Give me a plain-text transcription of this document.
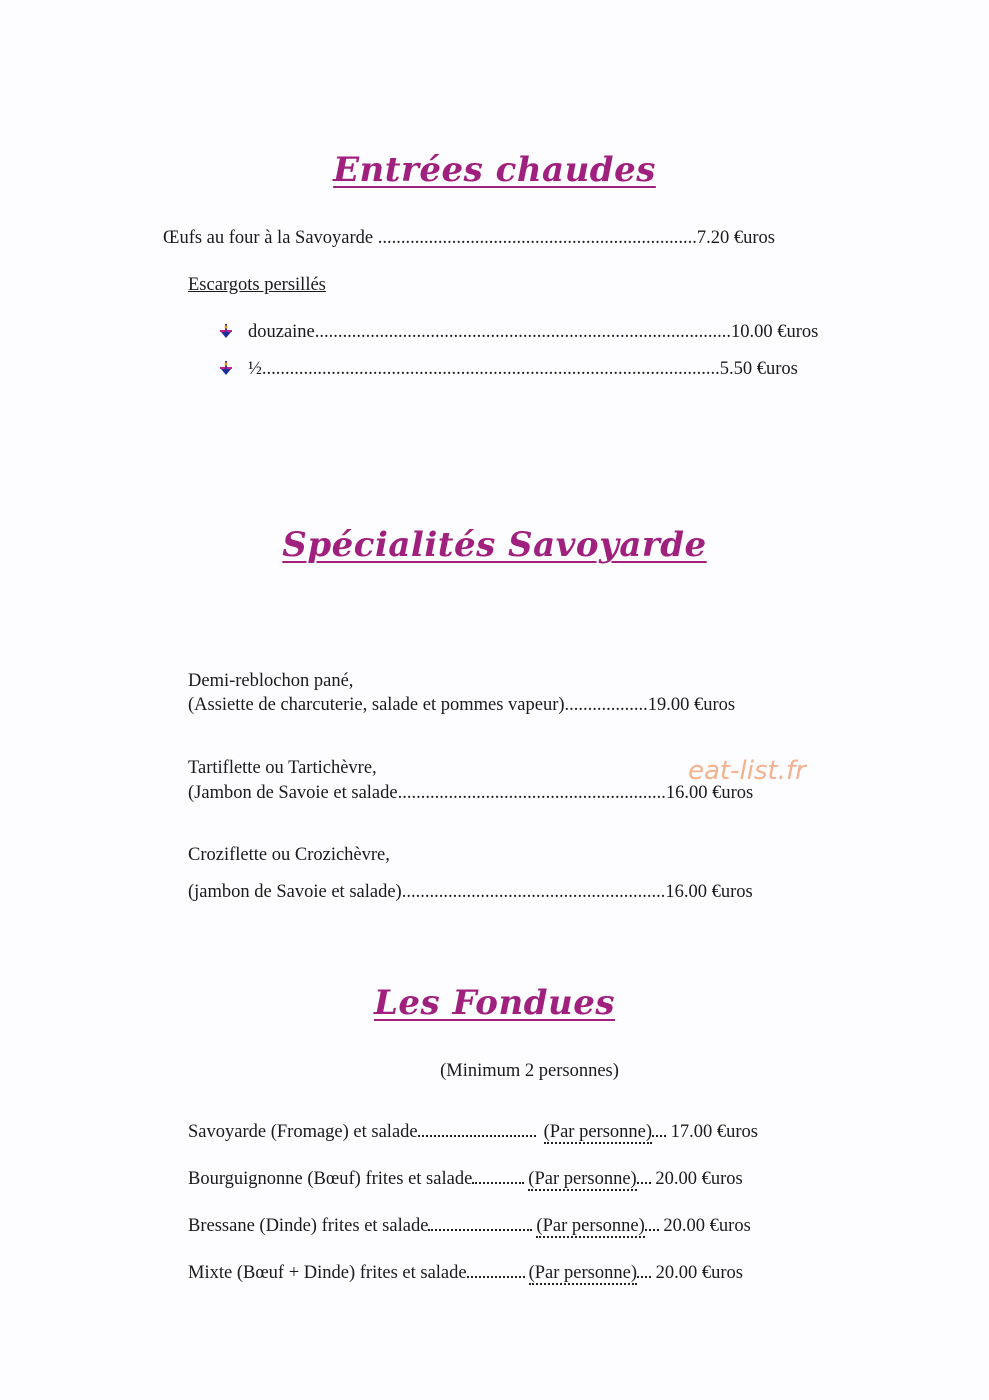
Entrées chaudes
Spécialités Savoyarde
Les Fondues
Œufs au four à la Savoyarde .....................................................................7.20 €uros
Escargots persillés
douzaine..........................................................................................10.00 €uros
½...................................................................................................5.50 €uros
Demi-reblochon pané,
(Assiette de charcuterie, salade et pommes vapeur)..................19.00 €uros
Tartiflette ou Tartichèvre,
(Jambon de Savoie et salade..........................................................16.00 €uros
eat-list.fr
Croziflette ou Crozichèvre,
(jambon de Savoie et salade).........................................................16.00 €uros
(Minimum 2 personnes)
Savoyarde (Fromage) et salade	(Par personne) 17.00 €uros
Bourguignonne (Bœuf) frites et salade	(Par personne) 20.00 €uros
Bressane (Dinde) frites et salade	(Par personne) 20.00 €uros
Mixte (Bœuf + Dinde) frites et salade	(Par personne) 20.00 €uros
